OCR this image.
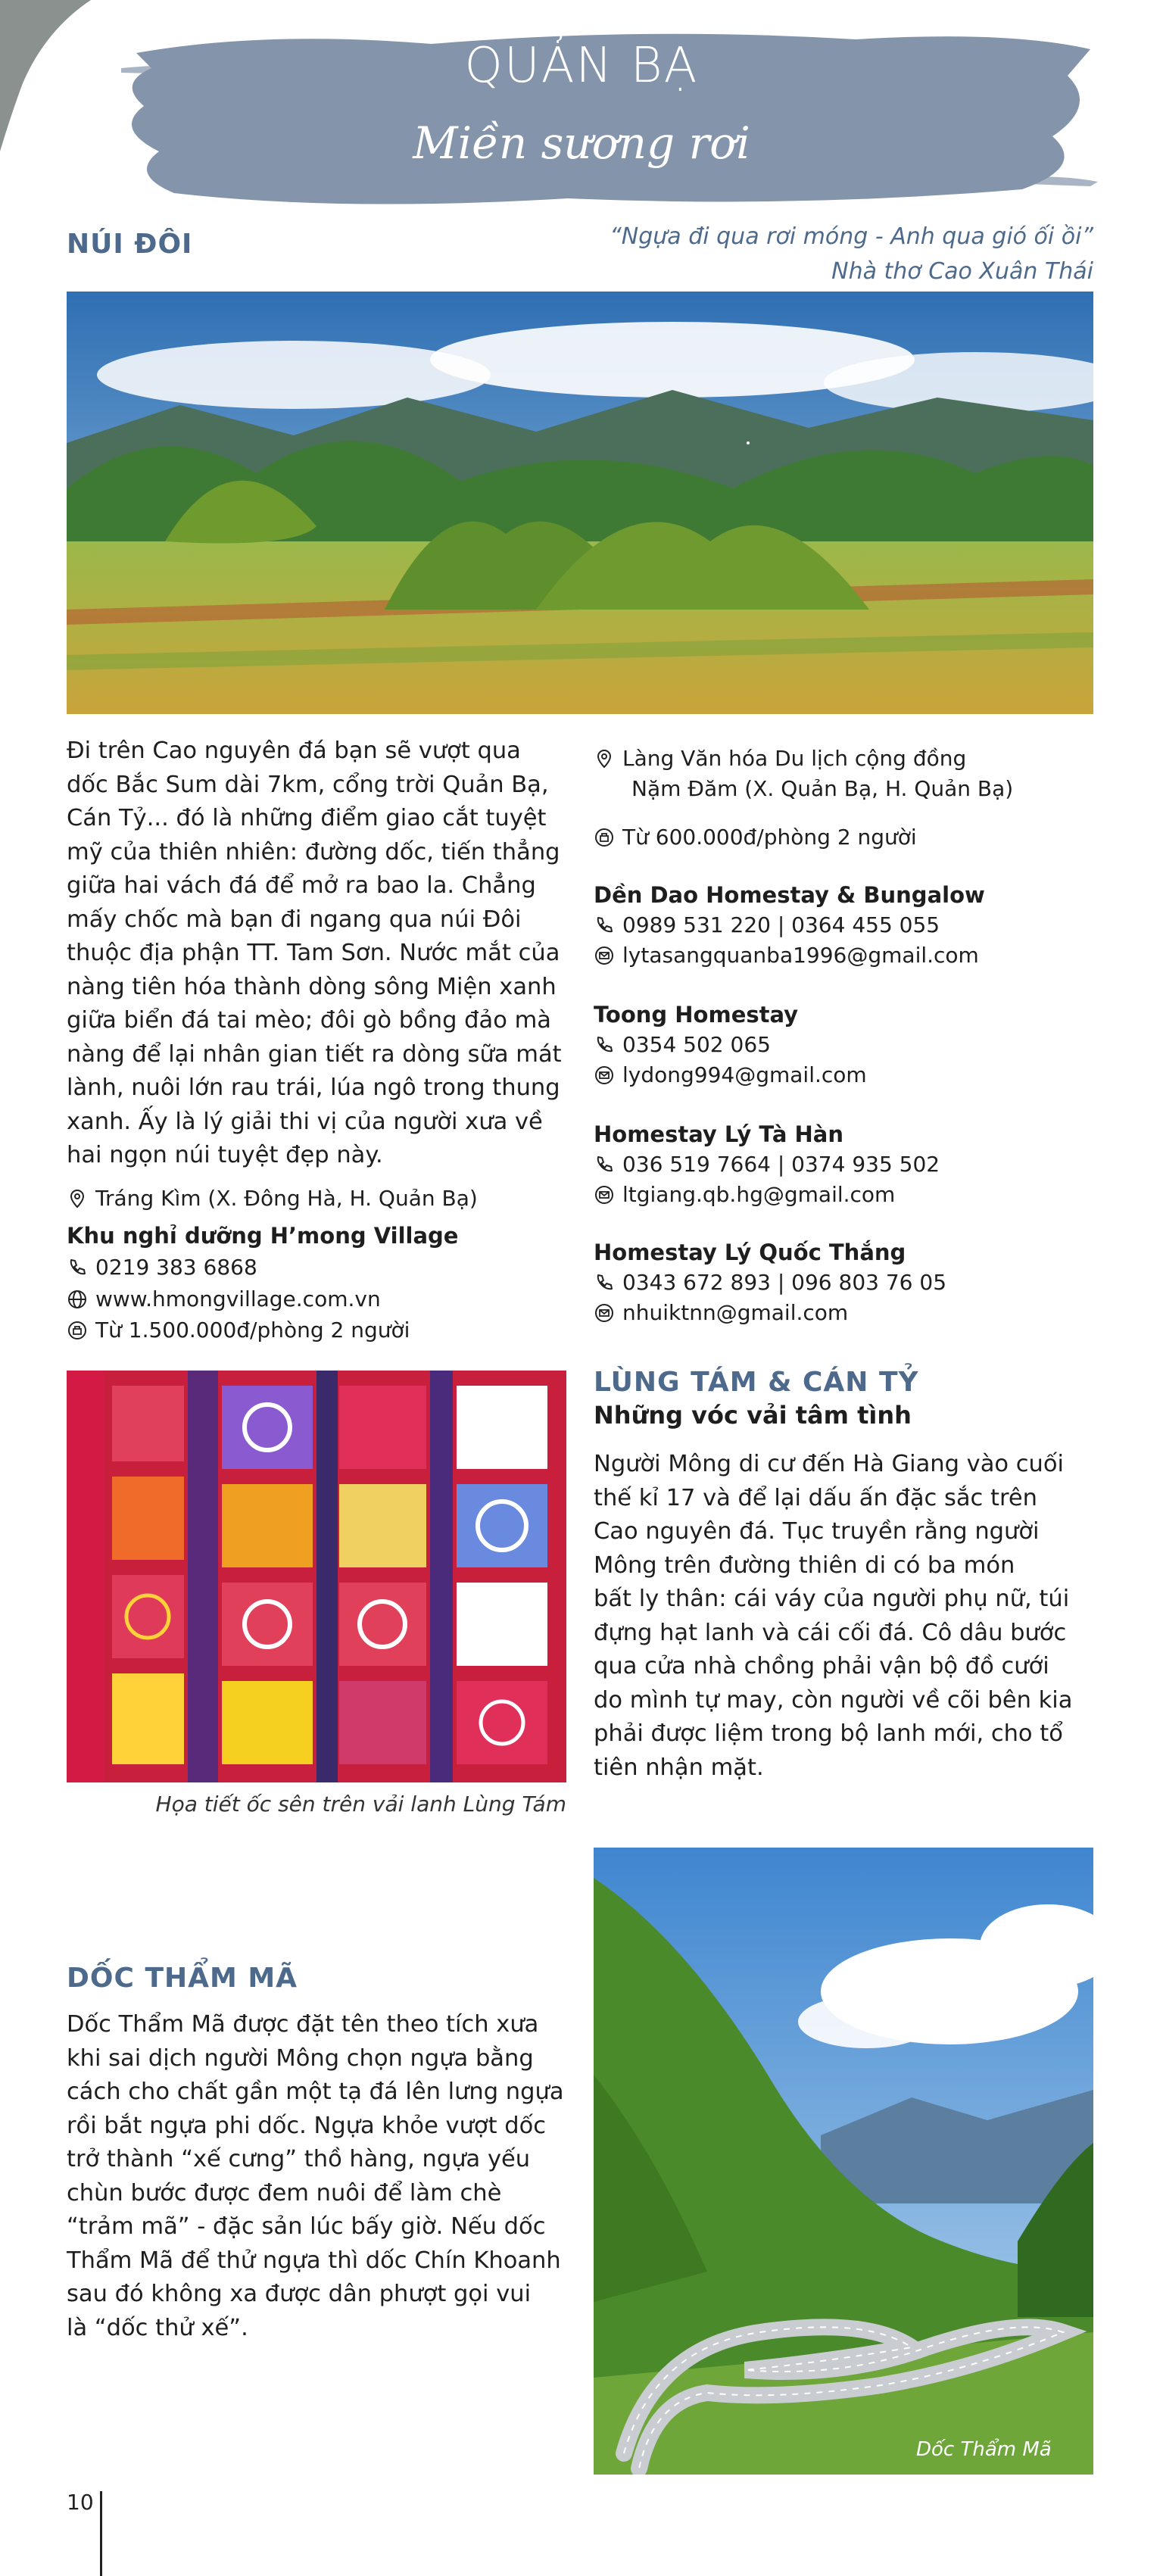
QUẢN BẠ
Miền sương rơi
NÚI ĐÔI	“Ngựa đi qua rơi móng - Anh qua gió ối ồi”
Nhà thơ Cao Xuân Thái
Đi trên Cao nguyên đá bạn sẽ vượt qua
dốc Bắc Sum dài 7km, cổng trời Quản Bạ,
Cán Tỷ... đó là những điểm giao cắt tuyệt
mỹ của thiên nhiên: đường dốc, tiến thẳng
giữa hai vách đá để mở ra bao la. Chẳng
mấy chốc mà bạn đi ngang qua núi Đôi
thuộc địa phận TT. Tam Sơn. Nước mắt của
nàng tiên hóa thành dòng sông Miện xanh
giữa biển đá tai mèo; đôi gò bồng đảo mà
nàng để lại nhân gian tiết ra dòng sữa mát
lành, nuôi lớn rau trái, lúa ngô trong thung
xanh. Ấy là lý giải thi vị của người xưa về
hai ngọn núi tuyệt đẹp này.
Tráng Kìm (X. Đông Hà, H. Quản Bạ)
Khu nghỉ dưỡng H’mong Village
0219 383 6868
www.hmongvillage.com.vn
Từ 1.500.000đ/phòng 2 người
Làng Văn hóa Du lịch cộng đồng
Nặm Đăm (X. Quản Bạ, H. Quản Bạ)
Từ 600.000đ/phòng 2 người
Dền Dao Homestay & Bungalow
0989 531 220 | 0364 455 055
lytasangquanba1996@gmail.com
Toong Homestay
0354 502 065
lydong994@gmail.com
Homestay Lý Tà Hàn
036 519 7664 | 0374 935 502
ltgiang.qb.hg@gmail.com
Homestay Lý Quốc Thắng
0343 672 893 | 096 803 76 05
nhuiktnn@gmail.com
Họa tiết ốc sên trên vải lanh Lùng Tám
LÙNG TÁM & CÁN TỶ
Những vóc vải tâm tình
Người Mông di cư đến Hà Giang vào cuối
thế kỉ 17 và để lại dấu ấn đặc sắc trên
Cao nguyên đá. Tục truyền rằng người
Mông trên đường thiên di có ba món
bất ly thân: cái váy của người phụ nữ, túi
đựng hạt lanh và cái cối đá. Cô dâu bước
qua cửa nhà chồng phải vận bộ đồ cưới
do mình tự may, còn người về cõi bên kia
phải được liệm trong bộ lanh mới, cho tổ
tiên nhận mặt.
DỐC THẨM MÃ
Dốc Thẩm Mã được đặt tên theo tích xưa
khi sai dịch người Mông chọn ngựa bằng
cách cho chất gần một tạ đá lên lưng ngựa
rồi bắt ngựa phi dốc. Ngựa khỏe vượt dốc
trở thành “xế cưng” thồ hàng, ngựa yếu
chùn bước được đem nuôi để làm chè
“trảm mã” - đặc sản lúc bấy giờ. Nếu dốc
Thẩm Mã để thử ngựa thì dốc Chín Khoanh
sau đó không xa được dân phượt gọi vui
là “dốc thử xế”.
Dốc Thẩm Mã
10
